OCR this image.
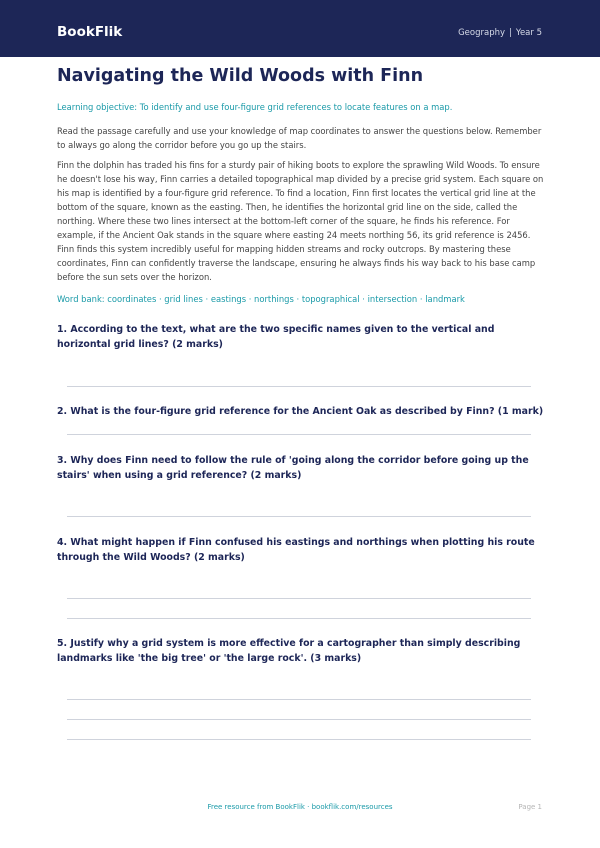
BookFlik	Geography | Year 5
Navigating the Wild Woods with Finn
Learning objective: To identify and use four-figure grid references to locate features on a map.

Read the passage carefully and use your knowledge of map coordinates to answer the questions below. Remember to always go along the corridor before you go up the stairs.

Finn the dolphin has traded his fins for a sturdy pair of hiking boots to explore the sprawling Wild Woods. To ensure he doesn't lose his way, Finn carries a detailed topographical map divided by a precise grid system. Each square on his map is identified by a four-figure grid reference. To find a location, Finn first locates the vertical grid line at the bottom of the square, known as the easting. Then, he identifies the horizontal grid line on the side, called the northing. Where these two lines intersect at the bottom-left corner of the square, he finds his reference. For example, if the Ancient Oak stands in the square where easting 24 meets northing 56, its grid reference is 2456. Finn finds this system incredibly useful for mapping hidden streams and rocky outcrops. By mastering these coordinates, Finn can confidently traverse the landscape, ensuring he always finds his way back to his base camp before the sun sets over the horizon.

Word bank: coordinates · grid lines · eastings · northings · topographical · intersection · landmark

1. According to the text, what are the two specific names given to the vertical and horizontal grid lines? (2 marks)

2. What is the four-figure grid reference for the Ancient Oak as described by Finn? (1 mark)

3. Why does Finn need to follow the rule of 'going along the corridor before going up the stairs' when using a grid reference? (2 marks)

4. What might happen if Finn confused his eastings and northings when plotting his route through the Wild Woods? (2 marks)

5. Justify why a grid system is more effective for a cartographer than simply describing landmarks like 'the big tree' or 'the large rock'. (3 marks)

Free resource from BookFlik · bookflik.com/resources	Page 1
